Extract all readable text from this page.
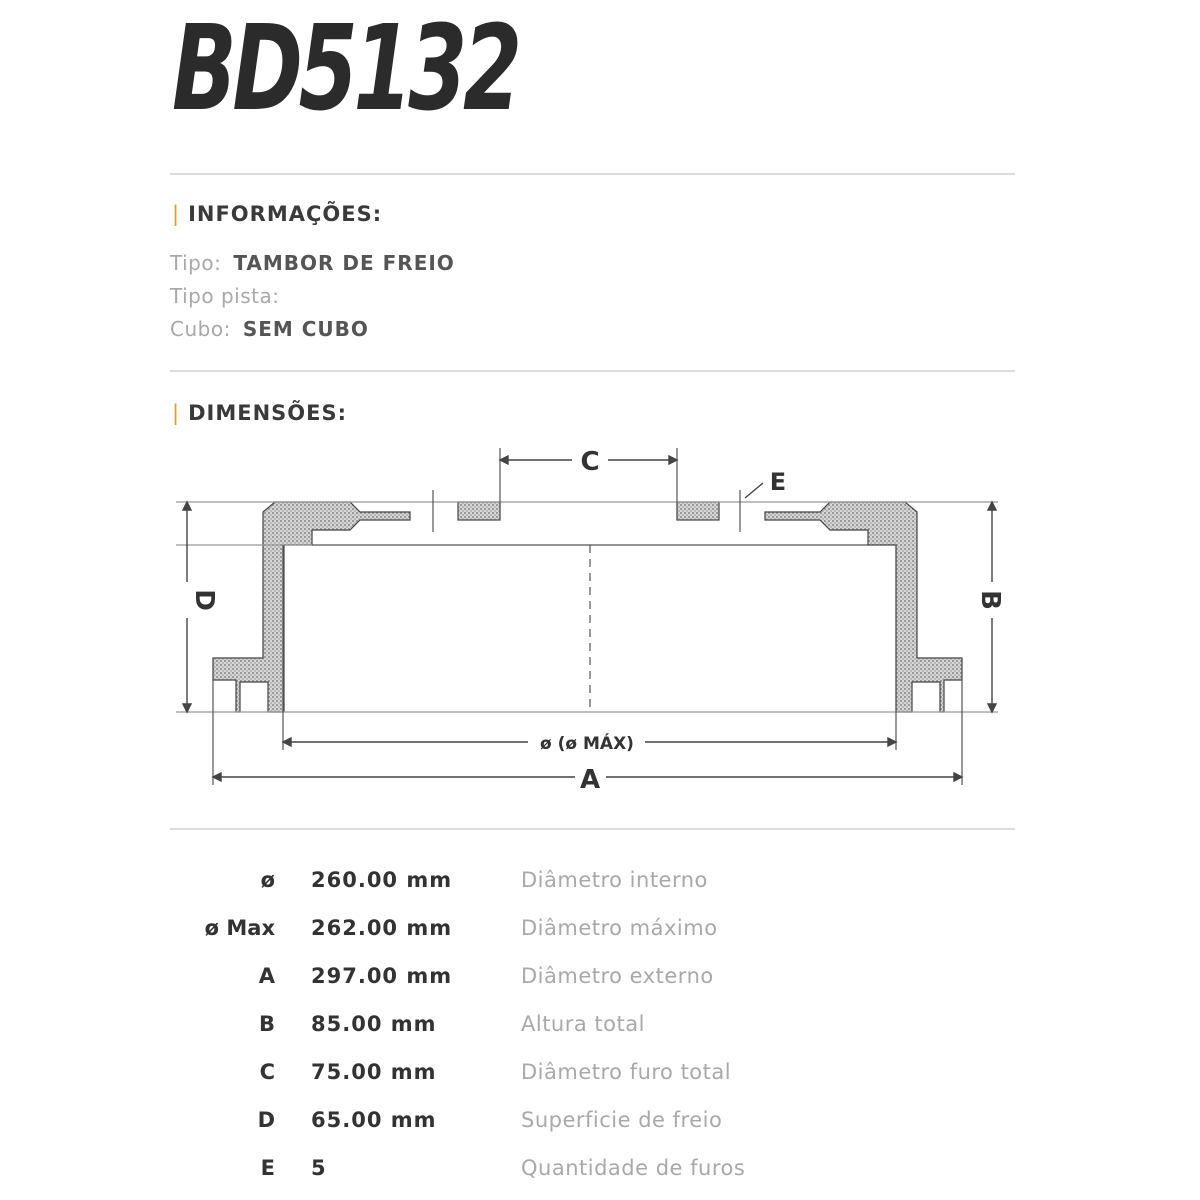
BD5132
| INFORMAÇÕES:
Tipo: TAMBOR DE FREIO
Tipo pista:
Cubo: SEM CUBO
| DIMENSÕES:
C
E
D	B
ø (ø MÁX)
A
ø 260.00 mm	Diâmetro interno
ø Max 262.00 mm	Diâmetro máximo
A 297.00 mm	Diâmetro externo
B 85.00 mm	Altura total
C 75.00 mm	Diâmetro furo total
D 65.00 mm	Superficie de freio
E 5	Quantidade de furos
